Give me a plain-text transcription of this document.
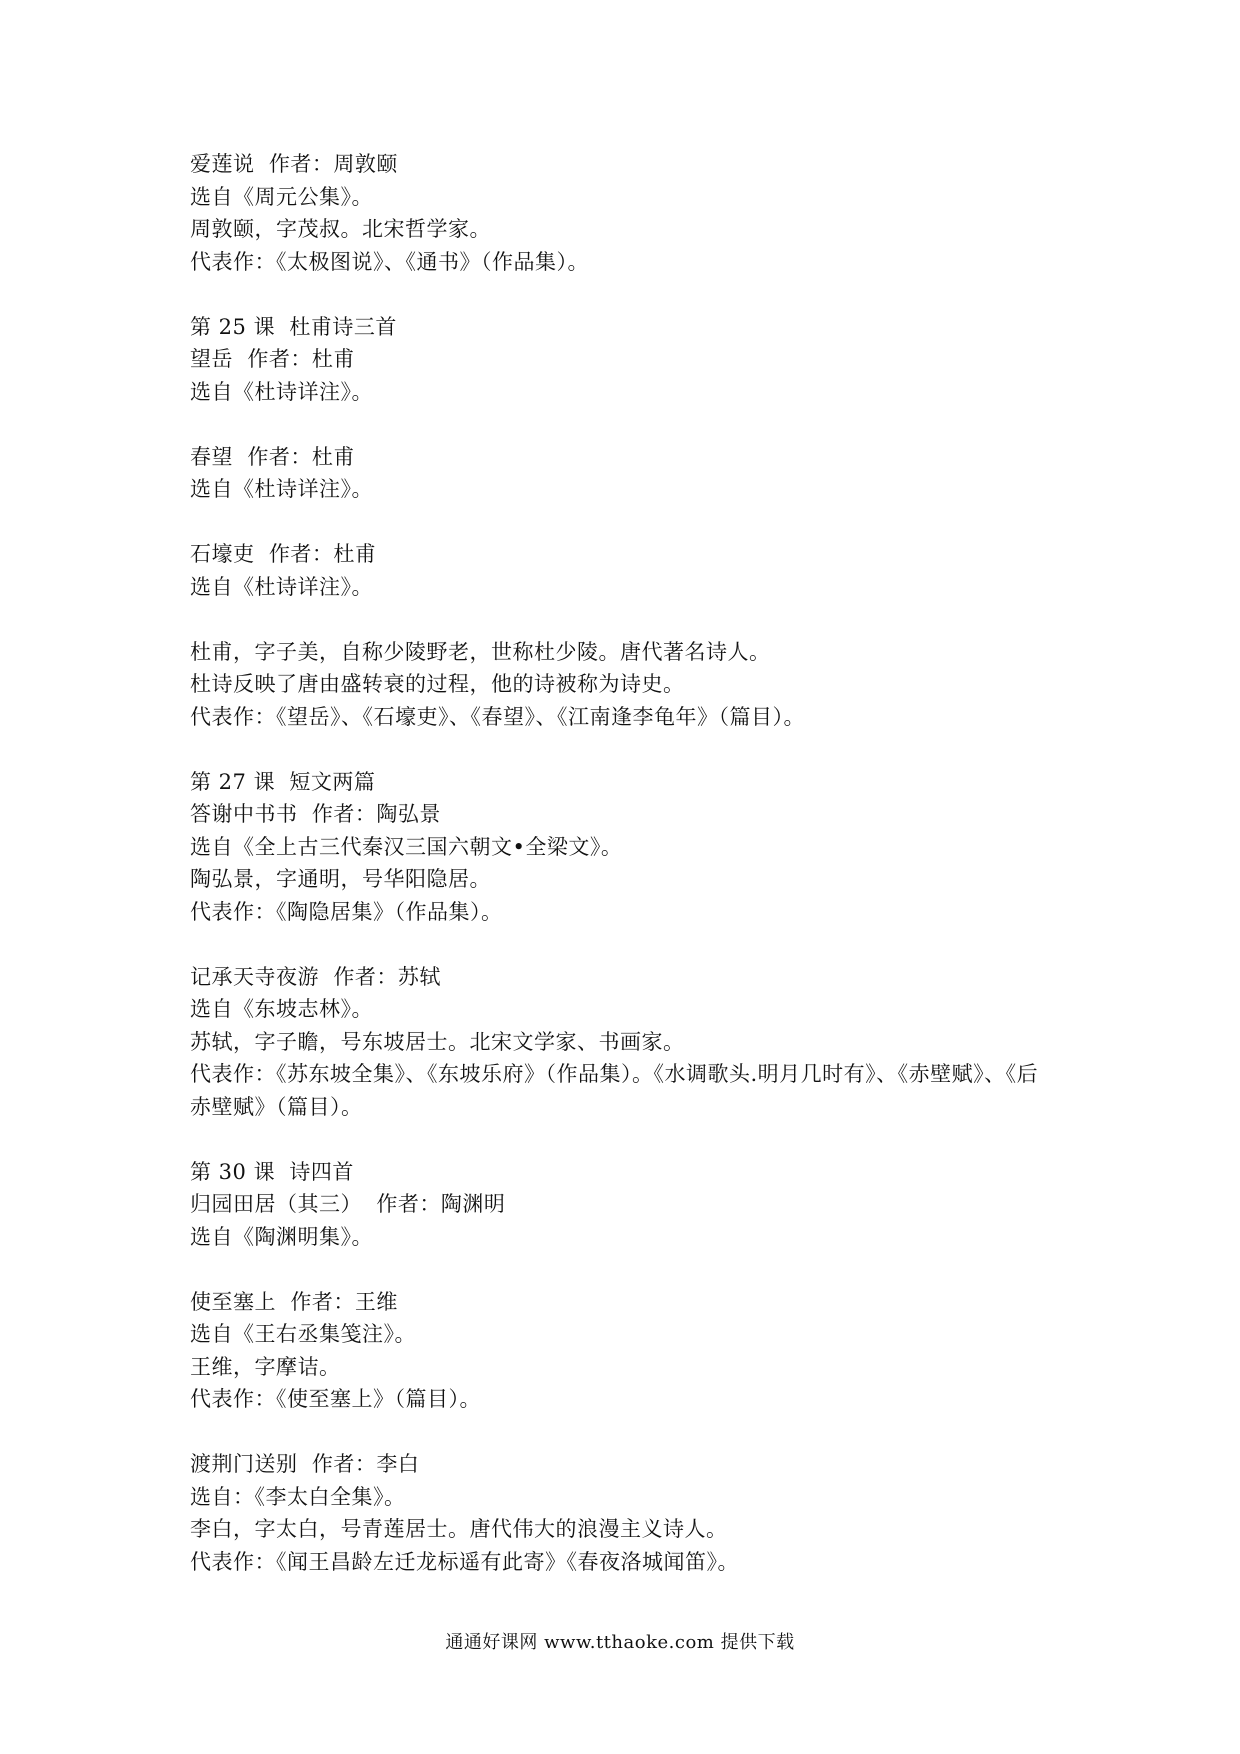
爱莲说  作者：周敦颐
选自《周元公集》。
周敦颐，字茂叔。北宋哲学家。
代表作：《太极图说》、《通书》（作品集）。
第 25 课  杜甫诗三首
望岳  作者：杜甫
选自《杜诗详注》。
春望  作者：杜甫
选自《杜诗详注》。
石壕吏  作者：杜甫
选自《杜诗详注》。
杜甫，字子美，自称少陵野老，世称杜少陵。唐代著名诗人。
杜诗反映了唐由盛转衰的过程，他的诗被称为诗史。
代表作：《望岳》、《石壕吏》、《春望》、《江南逢李龟年》（篇目）。
第 27 课  短文两篇
答谢中书书  作者：陶弘景
选自《全上古三代秦汉三国六朝文•全梁文》。
陶弘景，字通明，号华阳隐居。
代表作：《陶隐居集》（作品集）。
记承天寺夜游  作者：苏轼
选自《东坡志林》。
苏轼，字子瞻，号东坡居士。北宋文学家、书画家。
代表作：《苏东坡全集》、《东坡乐府》（作品集）。《水调歌头.明月几时有》、《赤壁赋》、《后
赤壁赋》（篇目）。
第 30 课  诗四首
归园田居（其三）  作者：陶渊明
选自《陶渊明集》。
使至塞上  作者：王维
选自《王右丞集笺注》。
王维，字摩诘。
代表作：《使至塞上》（篇目）。
渡荆门送别  作者：李白
选自：《李太白全集》。
李白，字太白，号青莲居士。唐代伟大的浪漫主义诗人。
代表作：《闻王昌龄左迁龙标遥有此寄》《春夜洛城闻笛》。
通通好课网 www.tthaoke.com 提供下载
